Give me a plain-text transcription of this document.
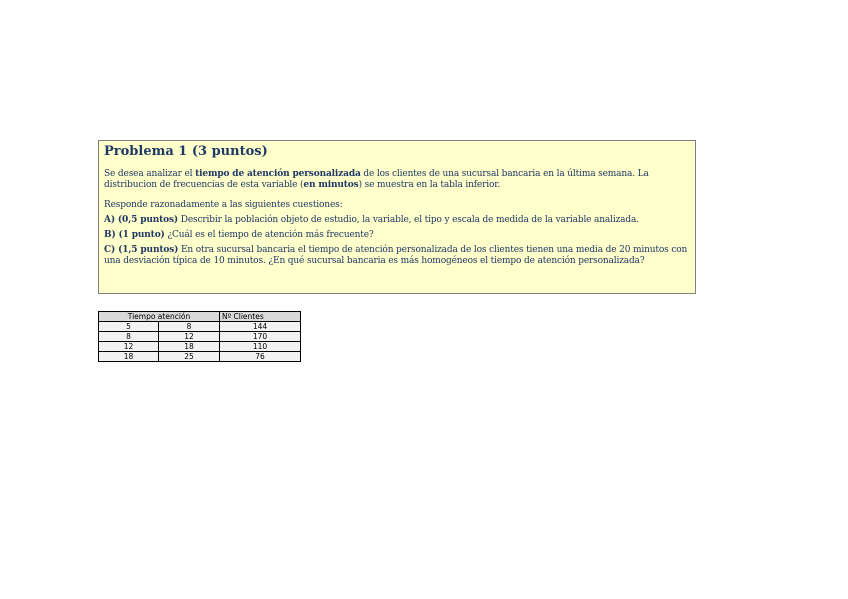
Problema 1 (3 puntos)
Se desea analizar el tiempo de atención personalizada de los clientes de una sucursal bancaria en la última semana. La distribucion de frecuencias de esta variable (en minutos) se muestra en la tabla inferior.
Responde razonadamente a las siguientes cuestiones:
A) (0,5 puntos) Describir la población objeto de estudio, la variable, el tipo y escala de medida de la variable analizada.
B) (1 punto) ¿Cuál es el tiempo de atención más frecuente?
C) (1,5 puntos) En otra sucursal bancaria el tiempo de atención personalizada de los clientes tienen una media de 20 minutos con una desviación típica de 10 minutos. ¿En qué sucursal bancaria es más homogéneos el tiempo de atención personalizada?
Tiempo atención		Nº Clientes
5	8	144
8	12	170
12	18	110
18	25	76
